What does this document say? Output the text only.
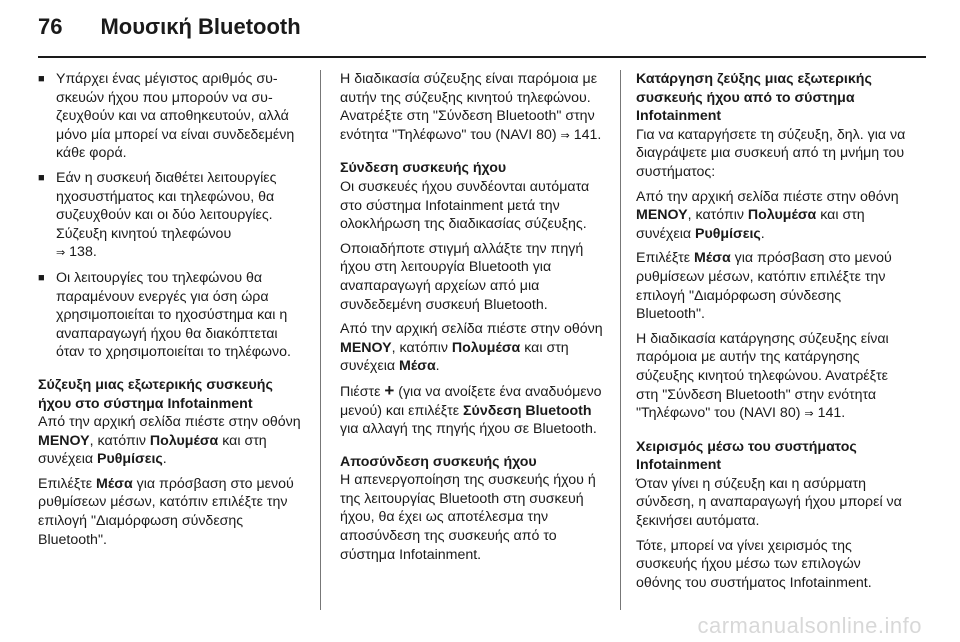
76 Μουσική Bluetooth
■ Υπάρχει ένας μέγιστος αριθμός συσκευών ήχου που μπορούν να συζευχθούν και να αποθηκευτούν, αλλά μόνο μία μπορεί να είναι συνδεδεμένη κάθε φορά.
■ Εάν η συσκευή διαθέτει λειτουργίες ηχοσυστήματος και τηλεφώνου, θα συζευχθούν και οι δύο λειτουργίες. Σύζευξη κινητού τηλεφώνου
⇒ 138.
■ Οι λειτουργίες του τηλεφώνου θα παραμένουν ενεργές για όση ώρα χρησιμοποιείται το ηχοσύστημα και η αναπαραγωγή ήχου θα διακόπτεται όταν το χρησιμοποιείται το τηλέφωνο.

Σύζευξη μιας εξωτερικής συσκευής ήχου στο σύστημα Infotainment

Από την αρχική σελίδα πιέστε στην οθόνη ΜΕΝΟΥ, κατόπιν Πολυμέσα και στη συνέχεια Ρυθμίσεις.

Επιλέξτε Μέσα για πρόσβαση στο μενού ρυθμίσεων μέσων, κατόπιν επιλέξτε την επιλογή "Διαμόρφωση σύνδεσης Bluetooth".

Η διαδικασία σύζευξης είναι παρόμοια με αυτήν της σύζευξης κινητού τηλεφώνου. Ανατρέξτε στη "Σύνδεση Bluetooth" στην ενότητα "Τηλέφωνο" του (NAVI 80) ⇒ 141.

Σύνδεση συσκευής ήχου

Οι συσκευές ήχου συνδέονται αυτόματα στο σύστημα Infotainment μετά την ολοκλήρωση της διαδικασίας σύζευξης.

Οποιαδήποτε στιγμή αλλάξτε την πηγή ήχου στη λειτουργία Bluetooth για αναπαραγωγή αρχείων από μια συνδεδεμένη συσκευή Bluetooth.

Από την αρχική σελίδα πιέστε στην οθόνη ΜΕΝΟΥ, κατόπιν Πολυμέσα και στη συνέχεια Μέσα.

Πιέστε + (για να ανοίξετε ένα αναδυόμενο μενού) και επιλέξτε Σύνδεση Bluetooth για αλλαγή της πηγής ήχου σε Bluetooth.

Αποσύνδεση συσκευής ήχου

Η απενεργοποίηση της συσκευής ήχου ή της λειτουργίας Bluetooth στη συσκευή ήχου, θα έχει ως αποτέλεσμα την αποσύνδεση της συσκευής από το σύστημα Infotainment.

Κατάργηση ζεύξης μιας εξωτερικής συσκευής ήχου από το σύστημα Infotainment

Για να καταργήσετε τη σύζευξη, δηλ. για να διαγράψετε μια συσκευή από τη μνήμη του συστήματος:

Από την αρχική σελίδα πιέστε στην οθόνη ΜΕΝΟΥ, κατόπιν Πολυμέσα και στη συνέχεια Ρυθμίσεις.

Επιλέξτε Μέσα για πρόσβαση στο μενού ρυθμίσεων μέσων, κατόπιν επιλέξτε την επιλογή "Διαμόρφωση σύνδεσης Bluetooth".

Η διαδικασία κατάργησης σύζευξης είναι παρόμοια με αυτήν της κατάργησης σύζευξης κινητού τηλεφώνου. Ανατρέξτε στη "Σύνδεση Bluetooth" στην ενότητα "Τηλέφωνο" του (NAVI 80) ⇒ 141.

Χειρισμός μέσω του συστήματος Infotainment

Όταν γίνει η σύζευξη και η ασύρματη σύνδεση, η αναπαραγωγή ήχου μπορεί να ξεκινήσει αυτόματα.

Τότε, μπορεί να γίνει χειρισμός της συσκευής ήχου μέσω των επιλογών οθόνης του συστήματος Infotainment.

carmanualsonline.info
